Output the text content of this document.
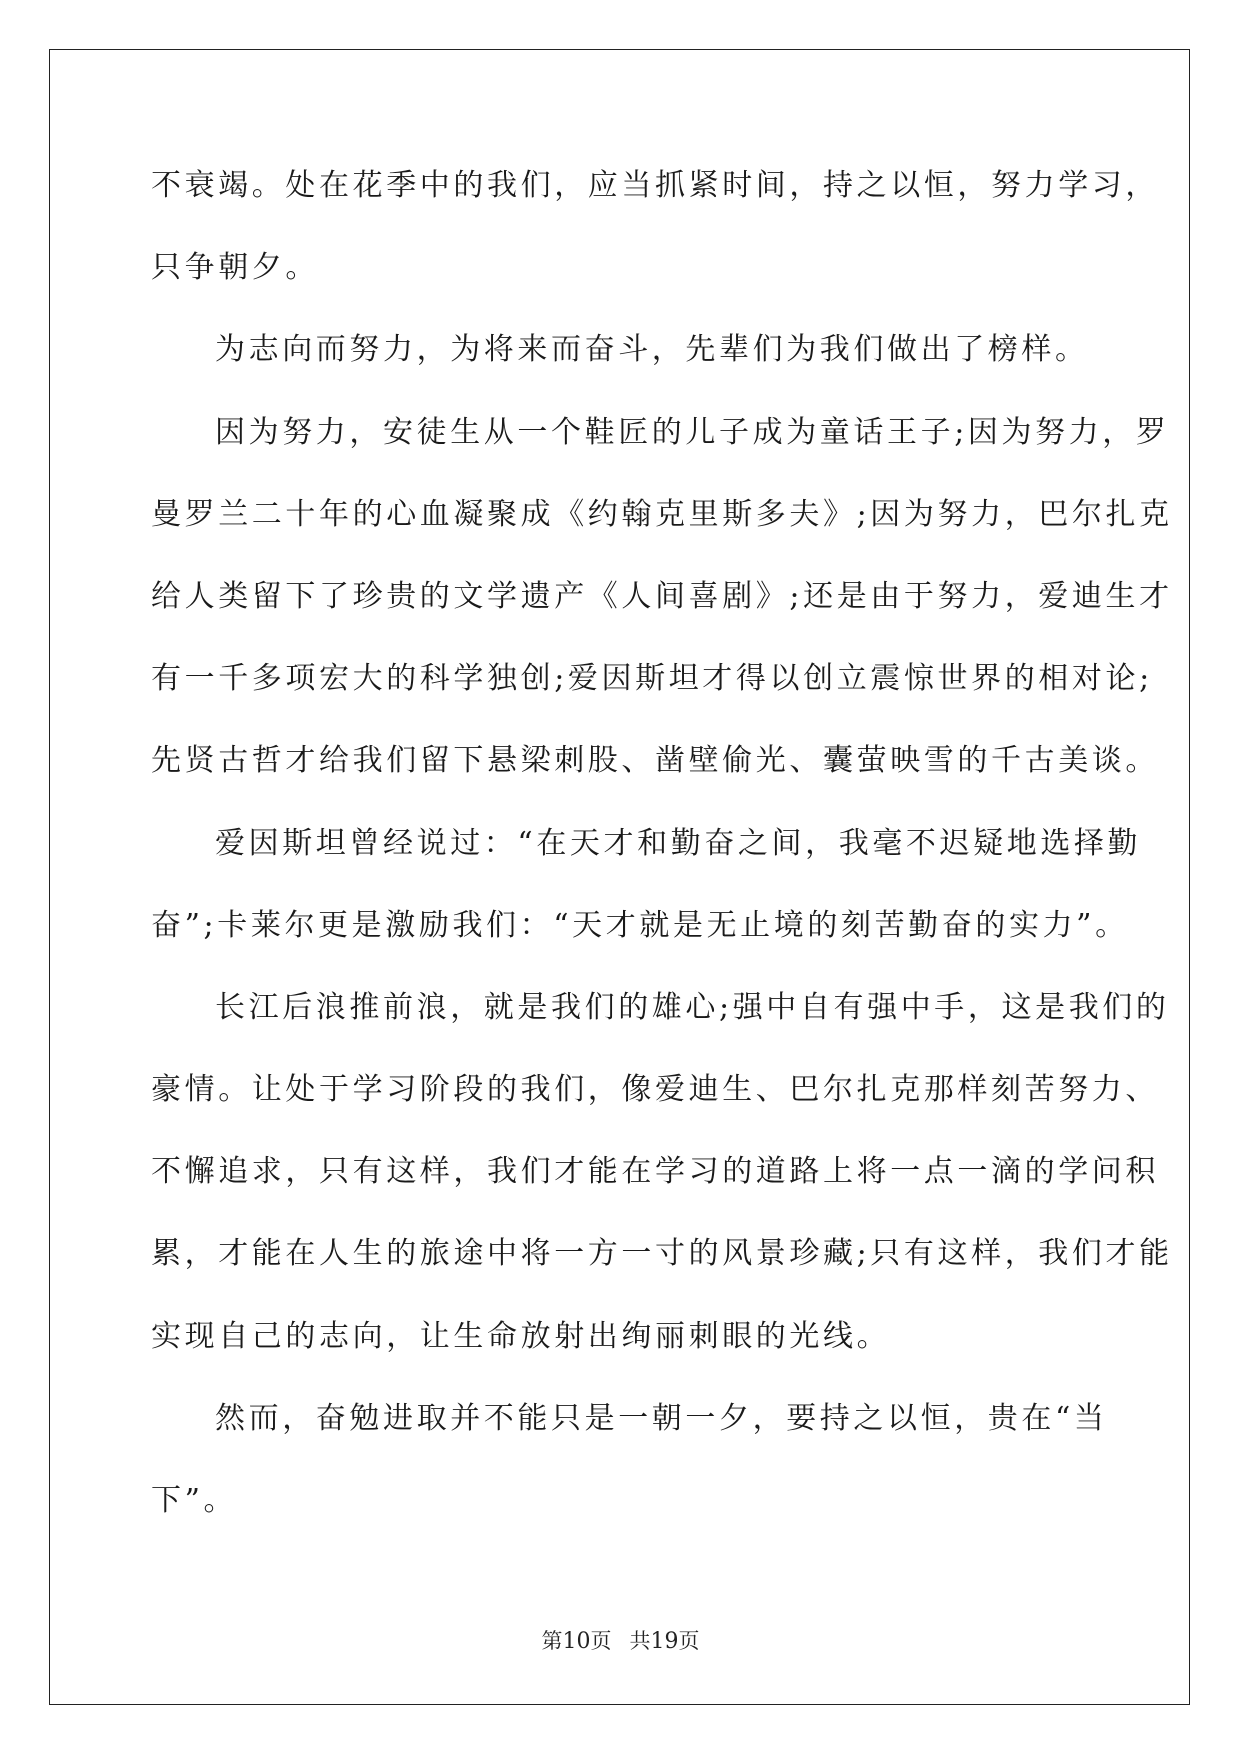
不衰竭。处在花季中的我们，应当抓紧时间，持之以恒，努力学习，
只争朝夕。
为志向而努力，为将来而奋斗，先辈们为我们做出了榜样。
因为努力，安徒生从一个鞋匠的儿子成为童话王子;因为努力，罗
曼罗兰二十年的心血凝聚成《约翰克里斯多夫》;因为努力，巴尔扎克
给人类留下了珍贵的文学遗产《人间喜剧》;还是由于努力，爱迪生才
有一千多项宏大的科学独创;爱因斯坦才得以创立震惊世界的相对论;
先贤古哲才给我们留下悬梁刺股、凿壁偷光、囊萤映雪的千古美谈。
爱因斯坦曾经说过：“在天才和勤奋之间，我毫不迟疑地选择勤
奋”;卡莱尔更是激励我们：“天才就是无止境的刻苦勤奋的实力”。
长江后浪推前浪，就是我们的雄心;强中自有强中手，这是我们的
豪情。让处于学习阶段的我们，像爱迪生、巴尔扎克那样刻苦努力、
不懈追求，只有这样，我们才能在学习的道路上将一点一滴的学问积
累，才能在人生的旅途中将一方一寸的风景珍藏;只有这样，我们才能
实现自己的志向，让生命放射出绚丽刺眼的光线。
然而，奋勉进取并不能只是一朝一夕，要持之以恒，贵在“当
下”。
第10页 共19页
